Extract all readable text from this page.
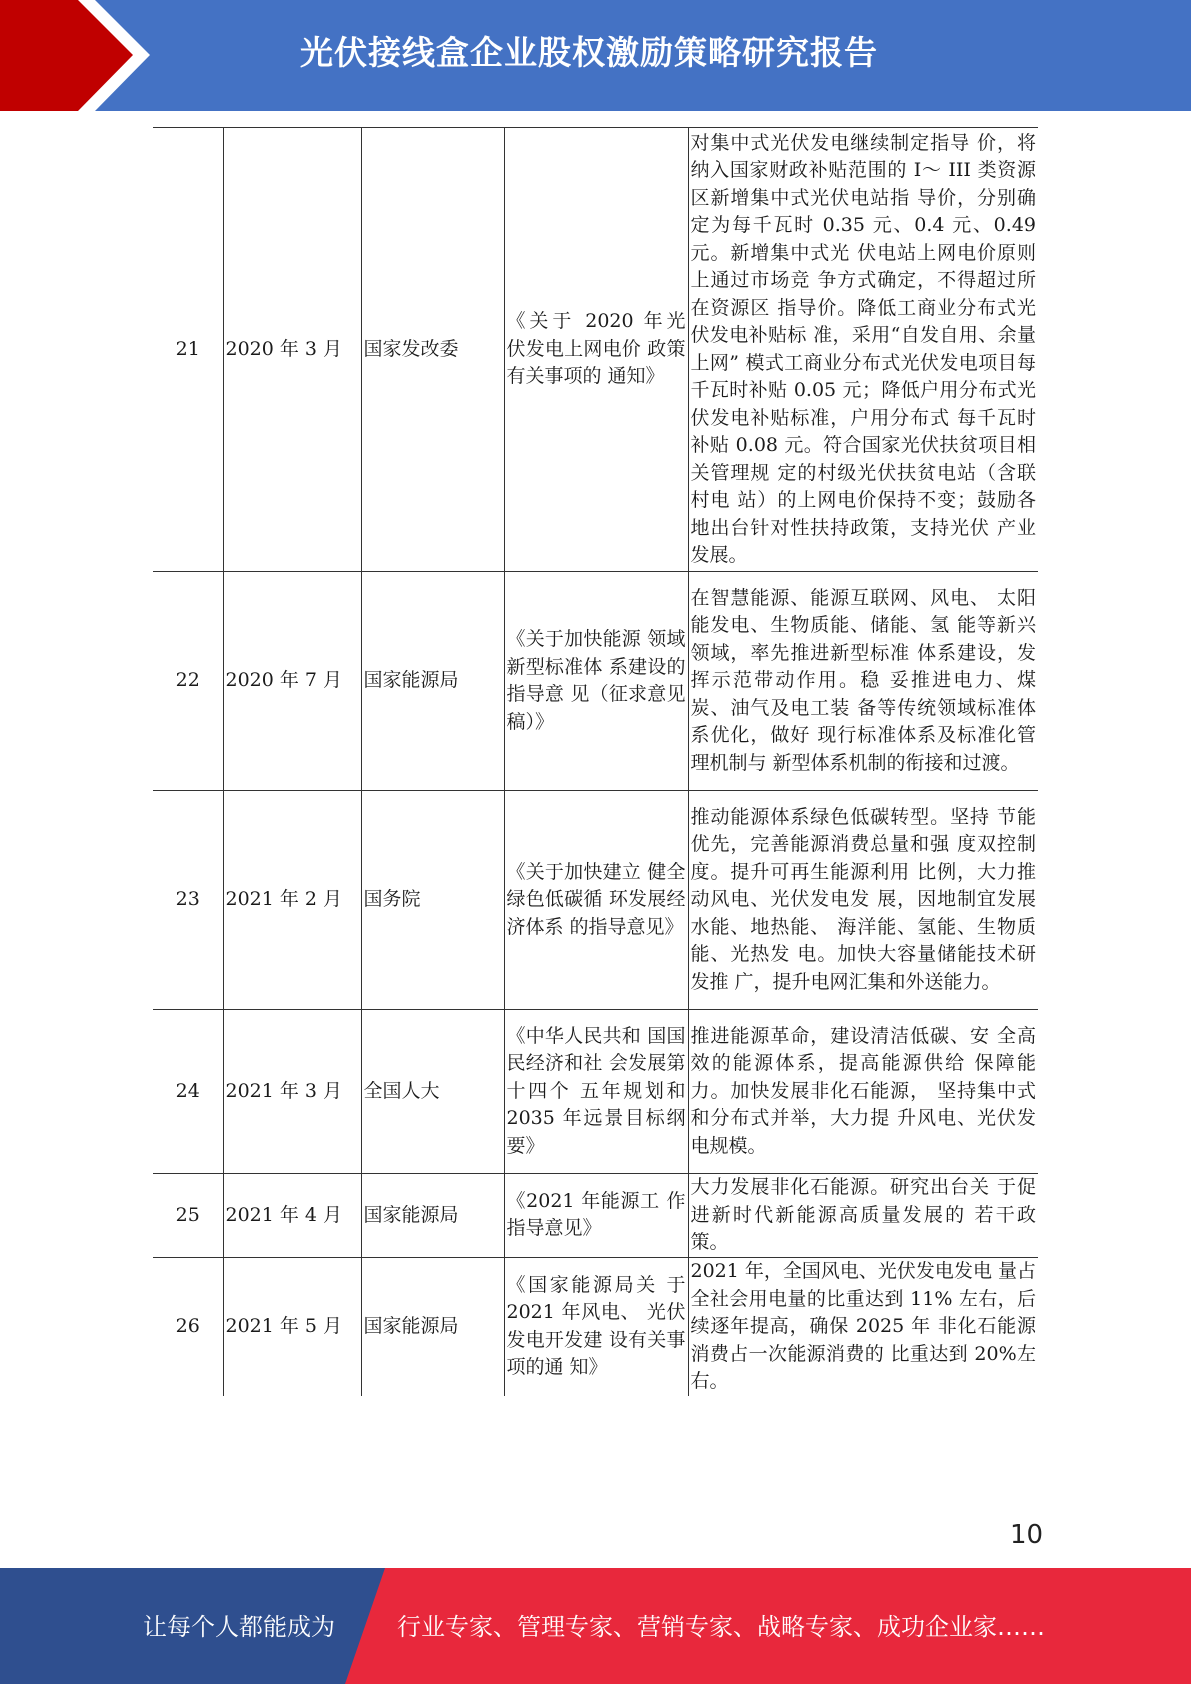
光伏接线盒企业股权激励策略研究报告
21	2020 年 3 月	国家发改委	《关于 2020 年光 伏发电上网电价 政策有关事项的 通知》	对集中式光伏发电继续制定指导 价，将纳入国家财政补贴范围的 I～ III 类资源区新增集中式光伏电站指 导价，分别确定为每千瓦时 0.35 元、0.4 元、0.49 元。新增集中式光 伏电站上网电价原则上通过市场竞 争方式确定，不得超过所在资源区 指导价。降低工商业分布式光伏发电补贴标 准，采用“自发自用、余量上网” 模式工商业分布式光伏发电项目每 千瓦时补贴 0.05 元；降低户用分布式光伏发电补贴标准，户用分布式 每千瓦时补贴 0.08 元。符合国家光伏扶贫项目相关管理规 定的村级光伏扶贫电站（含联村电 站）的上网电价保持不变；鼓励各 地出台针对性扶持政策，支持光伏 产业发展。
22	2020 年 7 月	国家能源局	《关于加快能源 领域新型标准体 系建设的指导意 见（征求意见 稿）》	在智慧能源、能源互联网、风电、 太阳能发电、生物质能、储能、氢 能等新兴领域，率先推进新型标准 体系建设，发挥示范带动作用。稳 妥推进电力、煤炭、油气及电工装 备等传统领域标准体系优化，做好 现行标准体系及标准化管理机制与 新型体系机制的衔接和过渡。
23	2021 年 2 月	国务院	《关于加快建立 健全绿色低碳循 环发展经济体系 的指导意见》	推动能源体系绿色低碳转型。坚持 节能优先，完善能源消费总量和强 度双控制度。提升可再生能源利用 比例，大力推动风电、光伏发电发 展，因地制宜发展水能、地热能、 海洋能、氢能、生物质能、光热发 电。加快大容量储能技术研发推 广，提升电网汇集和外送能力。
24	2021 年 3 月	全国人大	《中华人民共和 国国民经济和社 会发展第十四个 五年规划和 2035 年远景目标纲 要》	推进能源革命，建设清洁低碳、安 全高效的能源体系，提高能源供给 保障能力。加快发展非化石能源， 坚持集中式和分布式并举，大力提 升风电、光伏发电规模。
25	2021 年 4 月	国家能源局	《2021 年能源工 作指导意见》	大力发展非化石能源。研究出台关 于促进新时代新能源高质量发展的 若干政策。
26	2021 年 5 月	国家能源局	《国家能源局关 于 2021 年风电、 光伏发电开发建 设有关事项的通 知》	2021 年，全国风电、光伏发电发电 量占全社会用电量的比重达到 11% 左右，后续逐年提高，确保 2025 年 非化石能源消费占一次能源消费的 比重达到 20%左右。
10
让每个人都能成为	行业专家、管理专家、营销专家、战略专家、成功企业家……
